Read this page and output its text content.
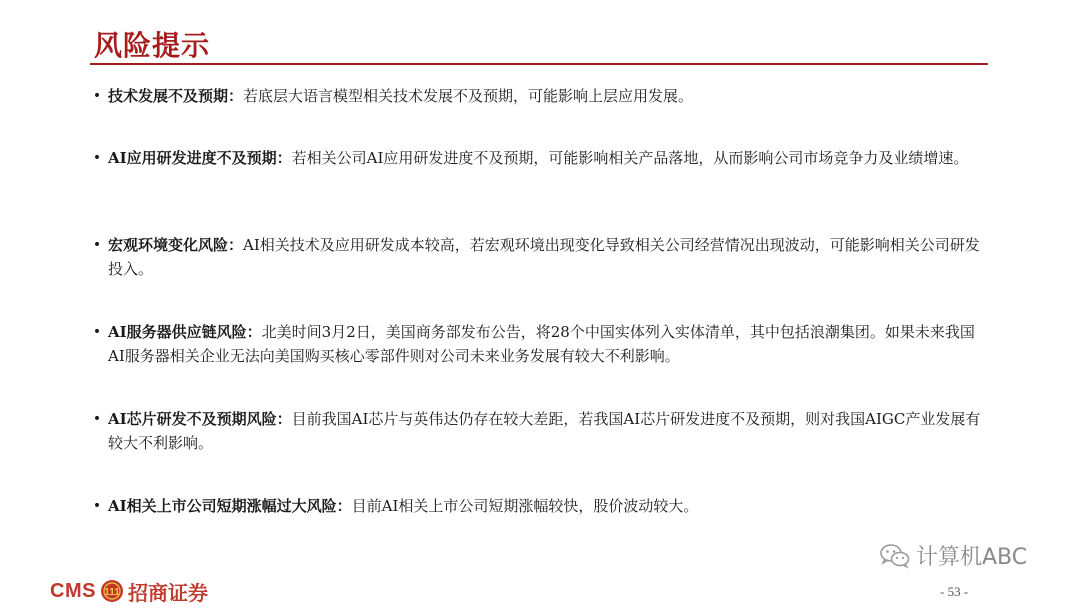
风险提示
• 技术发展不及预期：若底层大语言模型相关技术发展不及预期，可能影响上层应用发展。
• AI应用研发进度不及预期：若相关公司AI应用研发进度不及预期，可能影响相关产品落地，从而影响公司市场竞争力及业绩增速。
• 宏观环境变化风险：AI相关技术及应用研发成本较高，若宏观环境出现变化导致相关公司经营情况出现波动，可能影响相关公司研发投入。
• AI服务器供应链风险：北美时间3月2日，美国商务部发布公告，将28个中国实体列入实体清单，其中包括浪潮集团。如果未来我国AI服务器相关企业无法向美国购买核心零部件则对公司未来业务发展有较大不利影响。
• AI芯片研发不及预期风险：目前我国AI芯片与英伟达仍存在较大差距，若我国AI芯片研发进度不及预期，则对我国AIGC产业发展有较大不利影响。
• AI相关上市公司短期涨幅过大风险：目前AI相关上市公司短期涨幅较快，股价波动较大。
计算机ABC
CMS 111 招商证券	- 53 -
